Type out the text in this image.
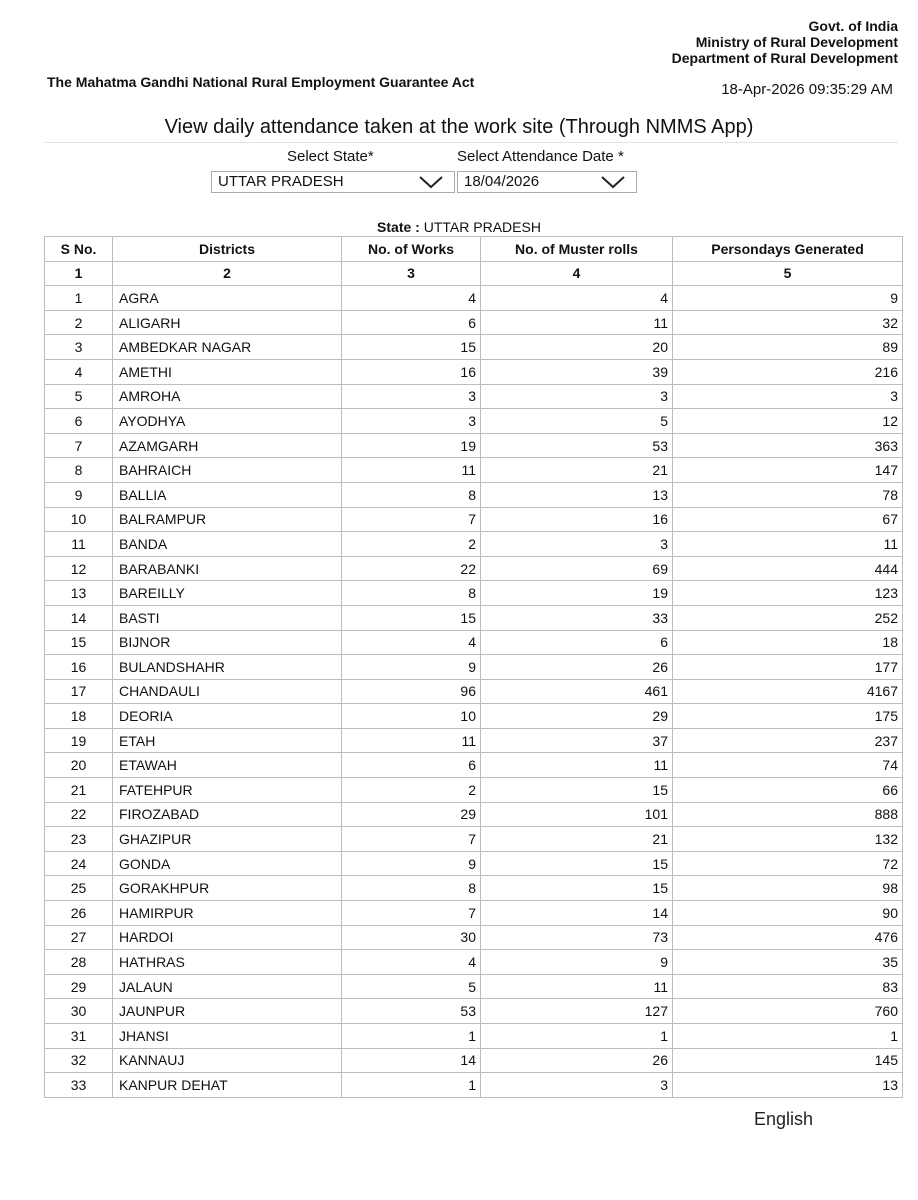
Govt. of India
Ministry of Rural Development
Department of Rural Development
The Mahatma Gandhi National Rural Employment Guarantee Act	18-Apr-2026 09:35:29 AM
View daily attendance taken at the work site (Through NMMS App)
Select State*	Select Attendance Date *
UTTAR PRADESH	18/04/2026
State : UTTAR PRADESH
S No.	Districts	No. of Works	No. of Muster rolls	Persondays Generated
1	2	3	4	5
1	AGRA	4	4	9
2	ALIGARH	6	11	32
3	AMBEDKAR NAGAR	15	20	89
4	AMETHI	16	39	216
5	AMROHA	3	3	3
6	AYODHYA	3	5	12
7	AZAMGARH	19	53	363
8	BAHRAICH	11	21	147
9	BALLIA	8	13	78
10	BALRAMPUR	7	16	67
11	BANDA	2	3	11
12	BARABANKI	22	69	444
13	BAREILLY	8	19	123
14	BASTI	15	33	252
15	BIJNOR	4	6	18
16	BULANDSHAHR	9	26	177
17	CHANDAULI	96	461	4167
18	DEORIA	10	29	175
19	ETAH	11	37	237
20	ETAWAH	6	11	74
21	FATEHPUR	2	15	66
22	FIROZABAD	29	101	888
23	GHAZIPUR	7	21	132
24	GONDA	9	15	72
25	GORAKHPUR	8	15	98
26	HAMIRPUR	7	14	90
27	HARDOI	30	73	476
28	HATHRAS	4	9	35
29	JALAUN	5	11	83
30	JAUNPUR	53	127	760
31	JHANSI	1	1	1
32	KANNAUJ	14	26	145
33	KANPUR DEHAT	1	3	13
English
